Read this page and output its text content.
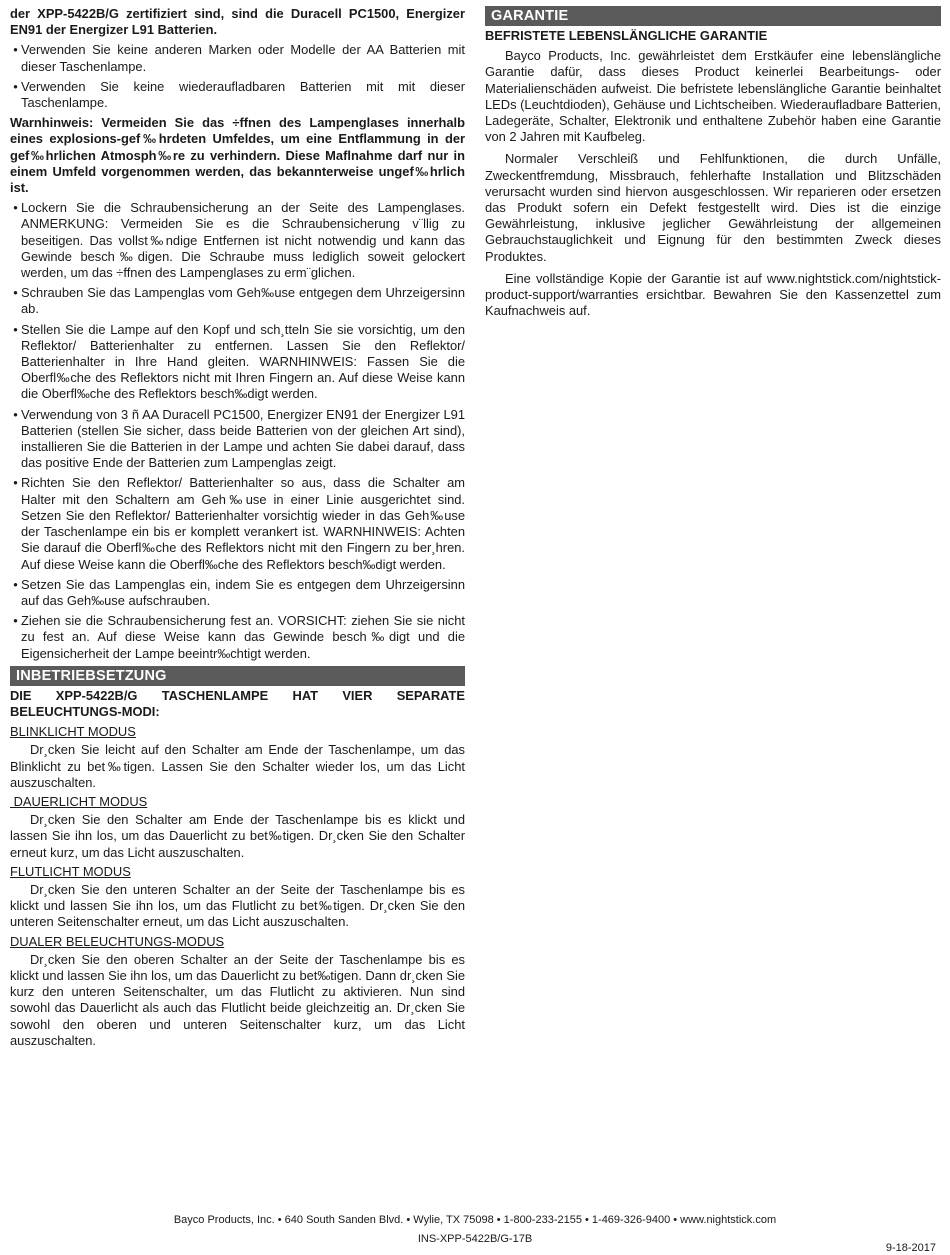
der XPP-5422B/G zertifiziert sind, sind die Duracell PC1500, Energizer EN91 der Energizer L91 Batterien.

• Verwenden Sie keine anderen Marken oder Modelle der AA Batterien mit dieser Taschenlampe.
• Verwenden Sie keine wiederaufladbaren Batterien mit mit dieser Taschenlampe.

Warnhinweis: Vermeiden Sie das ÷ffnen des Lampenglases innerhalb eines explosions-gef‰hrdeten Umfeldes, um eine Entflammung in der gef‰hrlichen Atmosph‰re zu verhindern. Diese Maflnahme darf nur in einem Umfeld vorgenommen werden, das bekannterweise ungef‰hrlich ist.

• Lockern Sie die Schraubensicherung an der Seite des Lampenglases. ANMERKUNG: Vermeiden Sie es die Schraubensicherung v¨llig zu beseitigen. Das vollst‰ndige Entfernen ist nicht notwendig und kann das Gewinde besch‰digen. Die Schraube muss lediglich soweit gelockert werden, um das ÷ffnen des Lampenglases zu erm¨glichen.
• Schrauben Sie das Lampenglas vom Geh‰use entgegen dem Uhrzeigersinn ab.
• Stellen Sie die Lampe auf den Kopf und sch¸tteln Sie sie vorsichtig, um den Reflektor/ Batterienhalter zu entfernen. Lassen Sie den Reflektor/ Batterienhalter in Ihre Hand gleiten. WARNHINWEIS: Fassen Sie die Oberfl‰che des Reflektors nicht mit Ihren Fingern an. Auf diese Weise kann die Oberfl‰che des Reflektors besch‰digt werden.
• Verwendung von 3 ñ AA Duracell PC1500, Energizer EN91 der Energizer L91 Batterien (stellen Sie sicher, dass beide Batterien von der gleichen Art sind), installieren Sie die Batterien in der Lampe und achten Sie dabei darauf, dass das positive Ende der Batterien zum Lampenglas zeigt.
• Richten Sie den Reflektor/ Batterienhalter so aus, dass die Schalter am Halter mit den Schaltern am Geh‰use in einer Linie ausgerichtet sind. Setzen Sie den Reflektor/ Batterienhalter vorsichtig wieder in das Geh‰use der Taschenlampe ein bis er komplett verankert ist. WARNHINWEIS: Achten Sie darauf die Oberfl‰che des Reflektors nicht mit den Fingern zu ber¸hren. Auf diese Weise kann die Oberfl‰che des Reflektors besch‰digt werden.
• Setzen Sie das Lampenglas ein, indem Sie es entgegen dem Uhrzeigersinn auf das Geh‰use aufschrauben.
• Ziehen sie die Schraubensicherung fest an. VORSICHT: ziehen Sie sie nicht zu fest an. Auf diese Weise kann das Gewinde besch‰digt und die Eigensicherheit der Lampe beeintr‰chtigt werden.
INBETRIEBSETZUNG

DIE XPP-5422B/G TASCHENLAMPE HAT VIER SEPARATE BELEUCHTUNGS-MODI:

BLINKLICHT MODUS

Dr¸cken Sie leicht auf den Schalter am Ende der Taschenlampe, um das Blinklicht zu bet‰tigen. Lassen Sie den Schalter wieder los, um das Licht auszuschalten.

DAUERLICHT MODUS

Dr¸cken Sie den Schalter am Ende der Taschenlampe bis es klickt und lassen Sie ihn los, um das Dauerlicht zu bet‰tigen. Dr¸cken Sie den Schalter erneut kurz, um das Licht auszuschalten.

FLUTLICHT MODUS

Dr¸cken Sie den unteren Schalter an der Seite der Taschenlampe bis es klickt und lassen Sie ihn los, um das Flutlicht zu bet‰tigen. Dr¸cken Sie den unteren Seitenschalter erneut, um das Licht auszuschalten.

DUALER BELEUCHTUNGS-MODUS

Dr¸cken Sie den oberen Schalter an der Seite der Taschenlampe bis es klickt und lassen Sie ihn los, um das Dauerlicht zu bet‰tigen. Dann dr¸cken Sie kurz den unteren Seitenschalter, um das Flutlicht zu aktivieren. Nun sind sowohl das Dauerlicht als auch das Flutlicht beide gleichzeitig an. Dr¸cken Sie sowohl den oberen und unteren Seitenschalter kurz, um das Licht auszuschalten.

GARANTIE

BEFRISTETE LEBENSLÄNGLICHE GARANTIE

Bayco Products, Inc. gewährleistet dem Erstkäufer eine lebenslängliche Garantie dafür, dass dieses Product keinerlei Bearbeitungs- oder Materialienschäden aufweist. Die befristete lebenslängliche Garantie beinhaltet LEDs (Leuchtdioden), Gehäuse und Lichtscheiben. Wiederaufladbare Batterien, Ladegeräte, Schalter, Elektronik und enthaltene Zubehör haben eine Garantie von 2 Jahren mit Kaufbeleg.

Normaler Verschleiß und Fehlfunktionen, die durch Unfälle, Zweckentfremdung, Missbrauch, fehlerhafte Installation und Blitzschäden verursacht wurden sind hiervon ausgeschlossen. Wir reparieren oder ersetzen das Produkt sofern ein Defekt festgestellt wird. Dies ist die einzige Gewährleistung, inklusive jeglicher Gewährleistung der allgemeinen Gebrauchstauglichkeit und Eignung für den bestimmten Zweck dieses Produktes.

Eine vollständige Kopie der Garantie ist auf www.nightstick.com/nightstick-product-support/warranties ersichtbar. Bewahren Sie den Kassenzettel zum Kaufnachweis auf.

Bayco Products, Inc. • 640 South Sanden Blvd. • Wylie, TX 75098 • 1-800-233-2155 • 1-469-326-9400 • www.nightstick.com
INS-XPP-5422B/G-17B
9-18-2017
